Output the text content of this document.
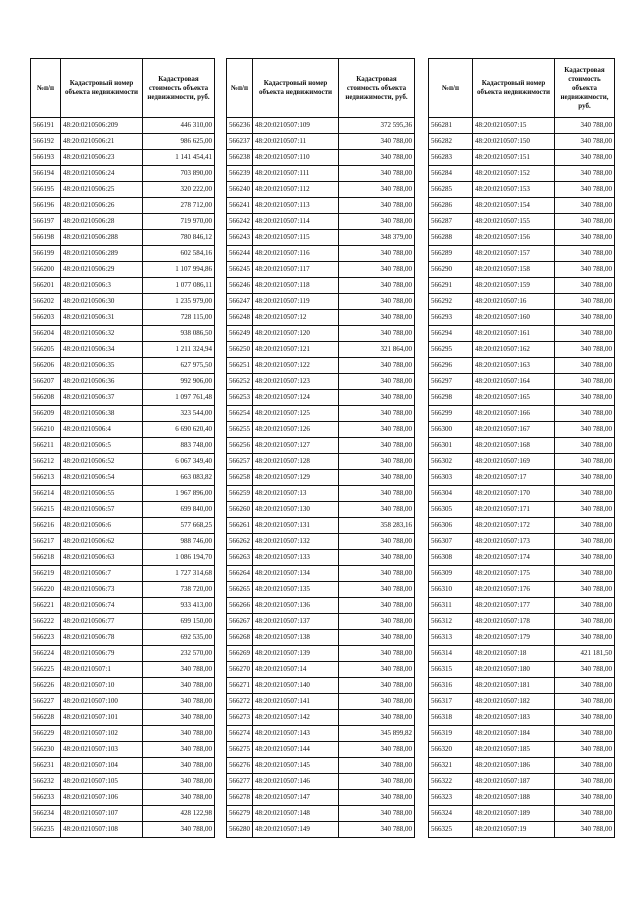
№п/п	Кадастровый номер объекта недвижимости	Кадастровая стоимость объекта недвижимости, руб.
566191	48:20:0210506:209	446 310,00
566192	48:20:0210506:21	986 625,00
566193	48:20:0210506:23	1 141 454,41
566194	48:20:0210506:24	703 890,00
566195	48:20:0210506:25	320 222,00
566196	48:20:0210506:26	278 712,00
566197	48:20:0210506:28	719 970,00
566198	48:20:0210506:288	780 846,12
566199	48:20:0210506:289	602 584,16
566200	48:20:0210506:29	1 107 994,86
566201	48:20:0210506:3	1 077 086,11
566202	48:20:0210506:30	1 235 979,00
566203	48:20:0210506:31	728 115,00
566204	48:20:0210506:32	938 086,50
566205	48:20:0210506:34	1 211 324,94
566206	48:20:0210506:35	627 975,50
566207	48:20:0210506:36	992 906,00
566208	48:20:0210506:37	1 097 761,48
566209	48:20:0210506:38	323 544,00
566210	48:20:0210506:4	6 690 620,40
566211	48:20:0210506:5	883 748,00
566212	48:20:0210506:52	6 067 349,40
566213	48:20:0210506:54	663 083,82
566214	48:20:0210506:55	1 967 896,00
566215	48:20:0210506:57	699 840,00
566216	48:20:0210506:6	577 668,25
566217	48:20:0210506:62	988 746,00
566218	48:20:0210506:63	1 086 194,70
566219	48:20:0210506:7	1 727 314,68
566220	48:20:0210506:73	738 720,00
566221	48:20:0210506:74	933 413,00
566222	48:20:0210506:77	699 150,00
566223	48:20:0210506:78	692 535,00
566224	48:20:0210506:79	232 570,00
566225	48:20:0210507:1	340 788,00
566226	48:20:0210507:10	340 788,00
566227	48:20:0210507:100	340 788,00
566228	48:20:0210507:101	340 788,00
566229	48:20:0210507:102	340 788,00
566230	48:20:0210507:103	340 788,00
566231	48:20:0210507:104	340 788,00
566232	48:20:0210507:105	340 788,00
566233	48:20:0210507:106	340 788,00
566234	48:20:0210507:107	428 122,98
566235	48:20:0210507:108	340 788,00
№п/п	Кадастровый номер объекта недвижимости	Кадастровая стоимость объекта недвижимости, руб.
566236	48:20:0210507:109	372 595,36
566237	48:20:0210507:11	340 788,00
566238	48:20:0210507:110	340 788,00
566239	48:20:0210507:111	340 788,00
566240	48:20:0210507:112	340 788,00
566241	48:20:0210507:113	340 788,00
566242	48:20:0210507:114	340 788,00
566243	48:20:0210507:115	348 379,00
566244	48:20:0210507:116	340 788,00
566245	48:20:0210507:117	340 788,00
566246	48:20:0210507:118	340 788,00
566247	48:20:0210507:119	340 788,00
566248	48:20:0210507:12	340 788,00
566249	48:20:0210507:120	340 788,00
566250	48:20:0210507:121	321 864,00
566251	48:20:0210507:122	340 788,00
566252	48:20:0210507:123	340 788,00
566253	48:20:0210507:124	340 788,00
566254	48:20:0210507:125	340 788,00
566255	48:20:0210507:126	340 788,00
566256	48:20:0210507:127	340 788,00
566257	48:20:0210507:128	340 788,00
566258	48:20:0210507:129	340 788,00
566259	48:20:0210507:13	340 788,00
566260	48:20:0210507:130	340 788,00
566261	48:20:0210507:131	358 283,16
566262	48:20:0210507:132	340 788,00
566263	48:20:0210507:133	340 788,00
566264	48:20:0210507:134	340 788,00
566265	48:20:0210507:135	340 788,00
566266	48:20:0210507:136	340 788,00
566267	48:20:0210507:137	340 788,00
566268	48:20:0210507:138	340 788,00
566269	48:20:0210507:139	340 788,00
566270	48:20:0210507:14	340 788,00
566271	48:20:0210507:140	340 788,00
566272	48:20:0210507:141	340 788,00
566273	48:20:0210507:142	340 788,00
566274	48:20:0210507:143	345 899,82
566275	48:20:0210507:144	340 788,00
566276	48:20:0210507:145	340 788,00
566277	48:20:0210507:146	340 788,00
566278	48:20:0210507:147	340 788,00
566279	48:20:0210507:148	340 788,00
566280	48:20:0210507:149	340 788,00
№п/п	Кадастровый номер объекта недвижимости	Кадастровая стоимость объекта недвижимости, руб.
566281	48:20:0210507:15	340 788,00
566282	48:20:0210507:150	340 788,00
566283	48:20:0210507:151	340 788,00
566284	48:20:0210507:152	340 788,00
566285	48:20:0210507:153	340 788,00
566286	48:20:0210507:154	340 788,00
566287	48:20:0210507:155	340 788,00
566288	48:20:0210507:156	340 788,00
566289	48:20:0210507:157	340 788,00
566290	48:20:0210507:158	340 788,00
566291	48:20:0210507:159	340 788,00
566292	48:20:0210507:16	340 788,00
566293	48:20:0210507:160	340 788,00
566294	48:20:0210507:161	340 788,00
566295	48:20:0210507:162	340 788,00
566296	48:20:0210507:163	340 788,00
566297	48:20:0210507:164	340 788,00
566298	48:20:0210507:165	340 788,00
566299	48:20:0210507:166	340 788,00
566300	48:20:0210507:167	340 788,00
566301	48:20:0210507:168	340 788,00
566302	48:20:0210507:169	340 788,00
566303	48:20:0210507:17	340 788,00
566304	48:20:0210507:170	340 788,00
566305	48:20:0210507:171	340 788,00
566306	48:20:0210507:172	340 788,00
566307	48:20:0210507:173	340 788,00
566308	48:20:0210507:174	340 788,00
566309	48:20:0210507:175	340 788,00
566310	48:20:0210507:176	340 788,00
566311	48:20:0210507:177	340 788,00
566312	48:20:0210507:178	340 788,00
566313	48:20:0210507:179	340 788,00
566314	48:20:0210507:18	421 181,50
566315	48:20:0210507:180	340 788,00
566316	48:20:0210507:181	340 788,00
566317	48:20:0210507:182	340 788,00
566318	48:20:0210507:183	340 788,00
566319	48:20:0210507:184	340 788,00
566320	48:20:0210507:185	340 788,00
566321	48:20:0210507:186	340 788,00
566322	48:20:0210507:187	340 788,00
566323	48:20:0210507:188	340 788,00
566324	48:20:0210507:189	340 788,00
566325	48:20:0210507:19	340 788,00
